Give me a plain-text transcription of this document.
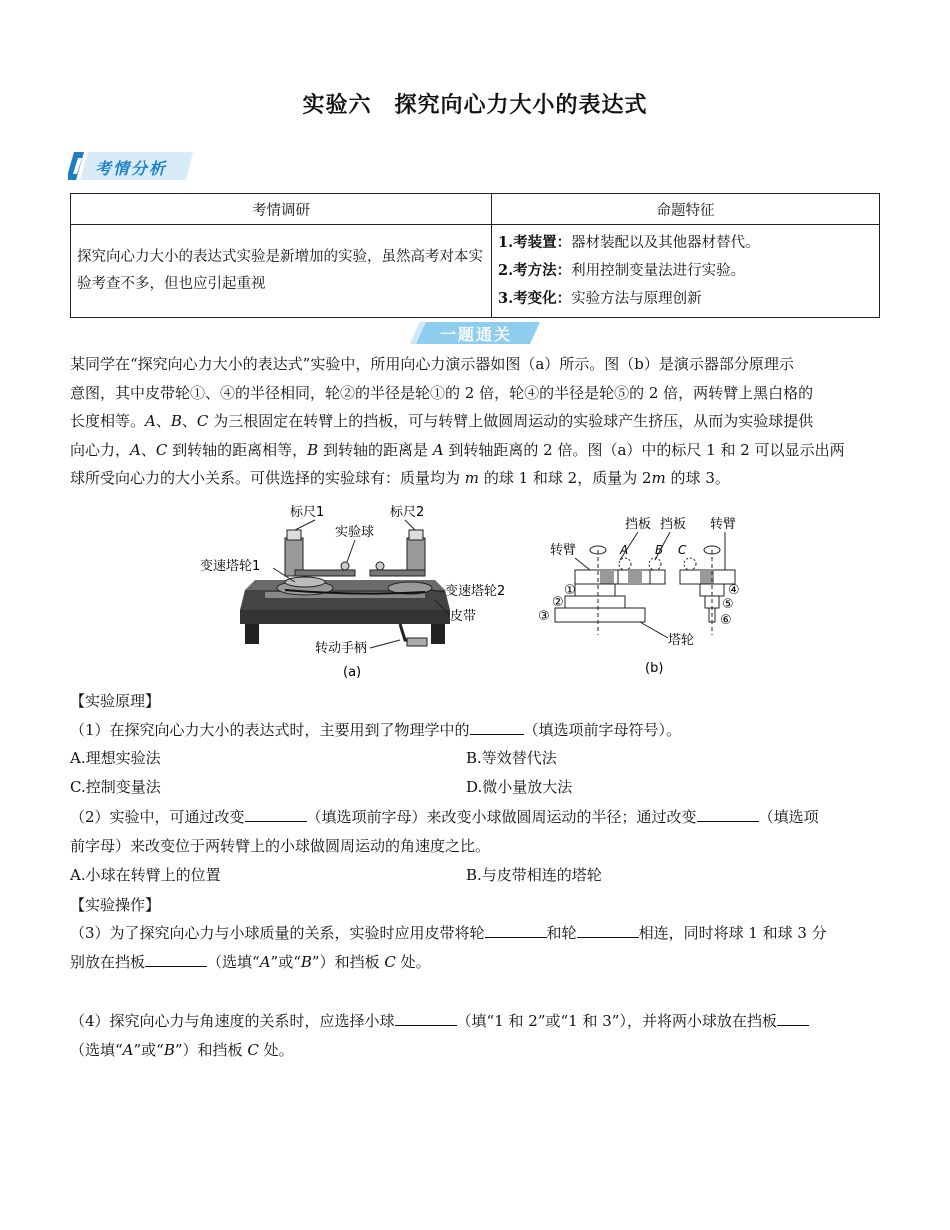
实验六　探究向心力大小的表达式
考情分析
考情调研	命题特征
探究向心力大小的表达式实验是新增加的实验，虽然高考对本实验考查不多，但也应引起重视	1.考装置：器材装配以及其他器材替代。
2.考方法：利用控制变量法进行实验。
3.考变化：实验方法与原理创新
一题通关
某同学在“探究向心力大小的表达式”实验中，所用向心力演示器如图（a）所示。图（b）是演示器部分原理示
意图，其中皮带轮①、④的半径相同，轮②的半径是轮①的 2 倍，轮④的半径是轮⑤的 2 倍，两转臂上黑白格的
长度相等。A、B、C 为三根固定在转臂上的挡板，可与转臂上做圆周运动的实验球产生挤压，从而为实验球提供
向心力，A、C 到转轴的距离相等，B 到转轴的距离是 A 到转轴距离的 2 倍。图（a）中的标尺 1 和 2 可以显示出两
球所受向心力的大小关系。可供选择的实验球有：质量均为 m 的球 1 和球 2，质量为 2m 的球 3。
标尺1	标尺2
实验球
变速塔轮1
变速塔轮2
皮带
转动手柄
(a)
挡板 挡板 转臂
转臂	A B C
①
②
③
④
⑤
⑥
塔轮
(b)
【实验原理】
（1）在探究向心力大小的表达式时，主要用到了物理学中的	（填选项前字母符号）。
A.理想实验法	B.等效替代法
C.控制变量法	D.微小量放大法
（2）实验中，可通过改变	（填选项前字母）来改变小球做圆周运动的半径；通过改变	（填选项
前字母）来改变位于两转臂上的小球做圆周运动的角速度之比。
A.小球在转臂上的位置	B.与皮带相连的塔轮
【实验操作】
（3）为了探究向心力与小球质量的关系，实验时应用皮带将轮	和轮	相连，同时将球 1 和球 3 分
别放在挡板	（选填“A”或“B”）和挡板 C 处。
（4）探究向心力与角速度的关系时，应选择小球	（填“1 和 2”或“1 和 3”），并将两小球放在挡板
（选填“A”或“B”）和挡板 C 处。
